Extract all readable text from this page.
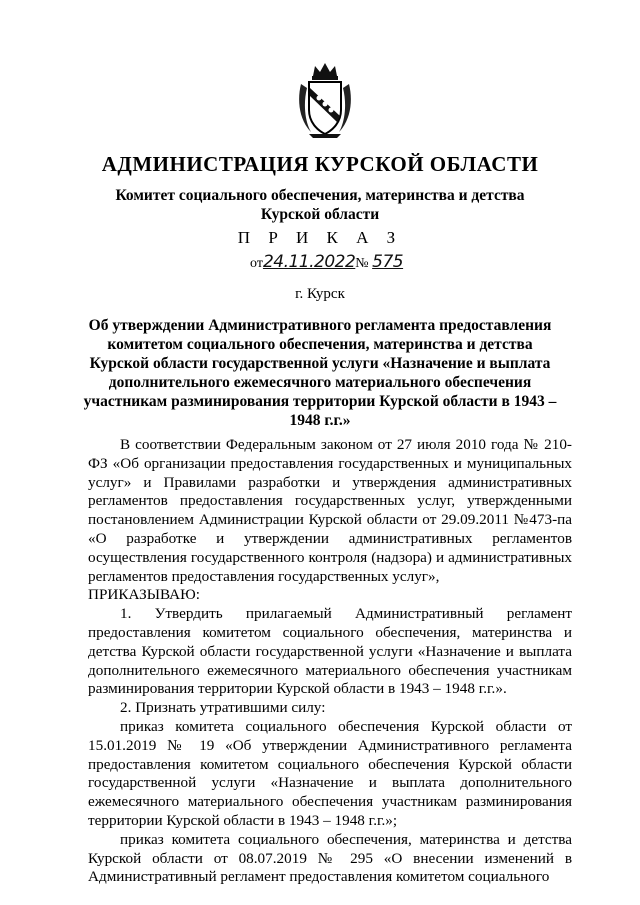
АДМИНИСТРАЦИЯ КУРСКОЙ ОБЛАСТИ
Комитет социального обеспечения, материнства и детства
Курской области
П Р И К А З
от24.11.2022№ 575
г. Курск
Об утверждении Административного регламента предоставления комитетом социального обеспечения, материнства и детства Курской области государственной услуги «Назначение и выплата дополнительного ежемесячного материального обеспечения участникам разминирования территории Курской области в 1943 – 1948 г.г.»

В соответствии Федеральным законом от 27 июля 2010 года № 210-ФЗ «Об организации предоставления государственных и муниципальных услуг» и Правилами разработки и утверждения административных регламентов предоставления государственных услуг, утвержденными постановлением Администрации Курской области от 29.09.2011 №473-па «О разработке и утверждении административных регламентов осуществления государственного контроля (надзора) и административных регламентов предоставления государственных услуг»,

ПРИКАЗЫВАЮ:

1. Утвердить прилагаемый Административный регламент предоставления комитетом социального обеспечения, материнства и детства Курской области государственной услуги «Назначение и выплата дополнительного ежемесячного материального обеспечения участникам разминирования территории Курской области в 1943 – 1948 г.г.».

2. Признать утратившими силу:

приказ комитета социального обеспечения Курской области от 15.01.2019 № 19 «Об утверждении Административного регламента предоставления комитетом социального обеспечения Курской области государственной услуги «Назначение и выплата дополнительного ежемесячного материального обеспечения участникам разминирования территории Курской области в 1943 – 1948 г.г.»;

приказ комитета социального обеспечения, материнства и детства Курской области от 08.07.2019 № 295 «О внесении изменений в Административный регламент предоставления комитетом социального
